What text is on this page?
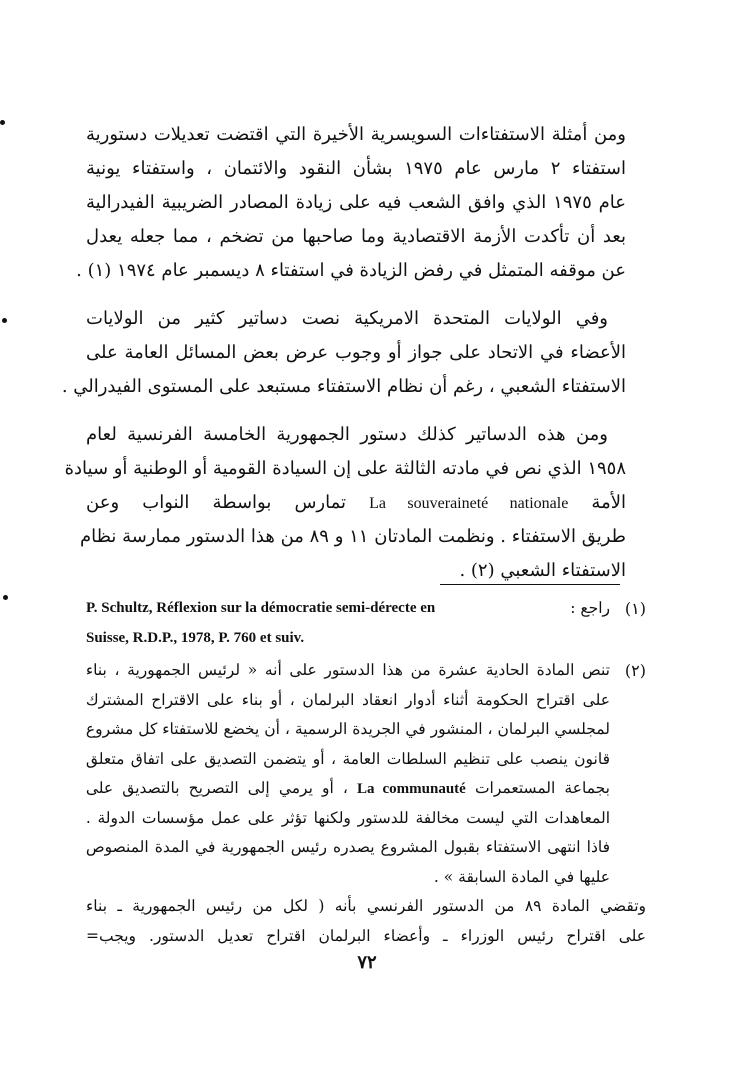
ومن أمثلة الاستفتاءات السويسرية الأخيرة التي اقتضت تعديلات دستورية
استفتاء ٢ مارس عام ١٩٧٥ بشأن النقود والائتمان ، واستفتاء يونية
عام ١٩٧٥ الذي وافق الشعب فيه على زيادة المصادر الضريبية الفيدرالية
بعد أن تأكدت الأزمة الاقتصادية وما صاحبها من تضخم ، مما جعله يعدل
عن موقفه المتمثل في رفض الزيادة في استفتاء ٨ ديسمبر عام ١٩٧٤ (١) .
وفي الولايات المتحدة الامريكية نصت دساتير كثير من الولايات
الأعضاء في الاتحاد على جواز أو وجوب عرض بعض المسائل العامة على
الاستفتاء الشعبي ، رغم أن نظام الاستفتاء مستبعد على المستوى الفيدرالي .
ومن هذه الدساتير كذلك دستور الجمهورية الخامسة الفرنسية لعام
١٩٥٨ الذي نص في مادته الثالثة على إن السيادة القومية أو الوطنية أو سيادة
الأمة La souveraineté nationale تمارس بواسطة النواب وعن
طريق الاستفتاء . ونظمت المادتان ١١ و ٨٩ من هذا الدستور ممارسة نظام
الاستفتاء الشعبي (٢) .
(١)
راجع :
P. Schultz, Réflexion sur la démocratie semi-dérecte en
Suisse, R.D.P., 1978, P. 760 et suiv.
(٢)
تنص المادة الحادية عشرة من هذا الدستور على أنه « لرئيس الجمهورية ، بناء
على اقتراح الحكومة أثناء أدوار انعقاد البرلمان ، أو بناء على الاقتراح المشترك
لمجلسي البرلمان ، المنشور في الجريدة الرسمية ، أن يخضع للاستفتاء كل مشروع
قانون ينصب على تنظيم السلطات العامة ، أو يتضمن التصديق على اتفاق متعلق
بجماعة المستعمرات La communauté ، أو يرمي إلى التصريح بالتصديق على
المعاهدات التي ليست مخالفة للدستور ولكنها تؤثر على عمل مؤسسات الدولة .
فاذا انتهى الاستفتاء بقبول المشروع يصدره رئيس الجمهورية في المدة المنصوص
عليها في المادة السابقة » .
وتقضي المادة ٨٩ من الدستور الفرنسي بأنه ( لكل من رئيس الجمهورية ـ بناء
على اقتراح رئيس الوزراء ـ وأعضاء البرلمان اقتراح تعديل الدستور. ويجب=
٧٢
